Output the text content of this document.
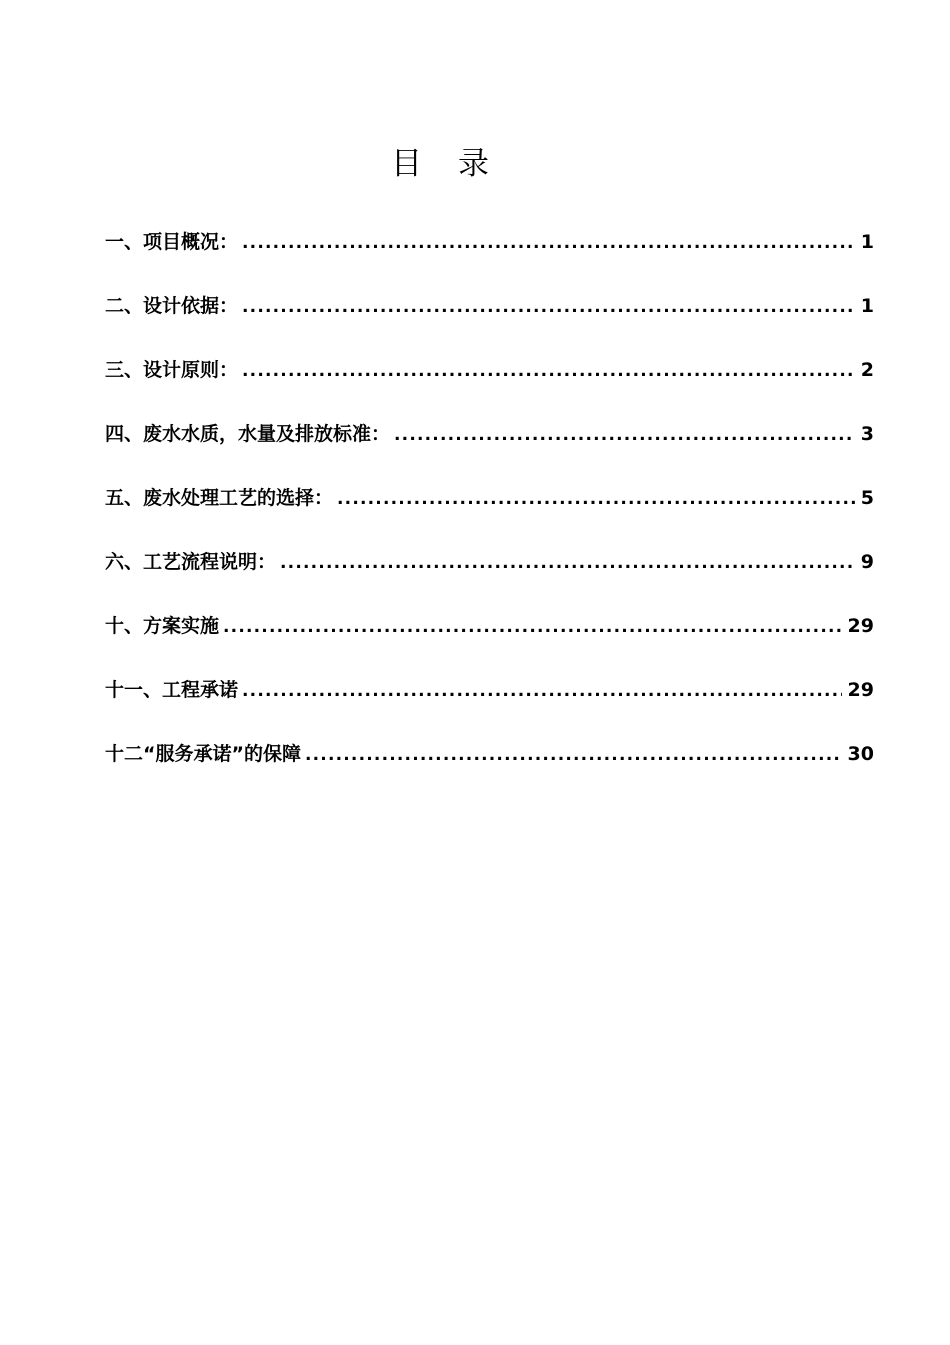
目 录
一、项目概况： .....	1
二、设计依据： .....	1
三、设计原则： .....	2
四、废水水质，水量及排放标准： .....	3
五、废水处理工艺的选择： .....	5
六、工艺流程说明： .....	9
十、方案实施 .....	29
十一、工程承诺 .....	29
十二“服务承诺”的保障 .....	30
